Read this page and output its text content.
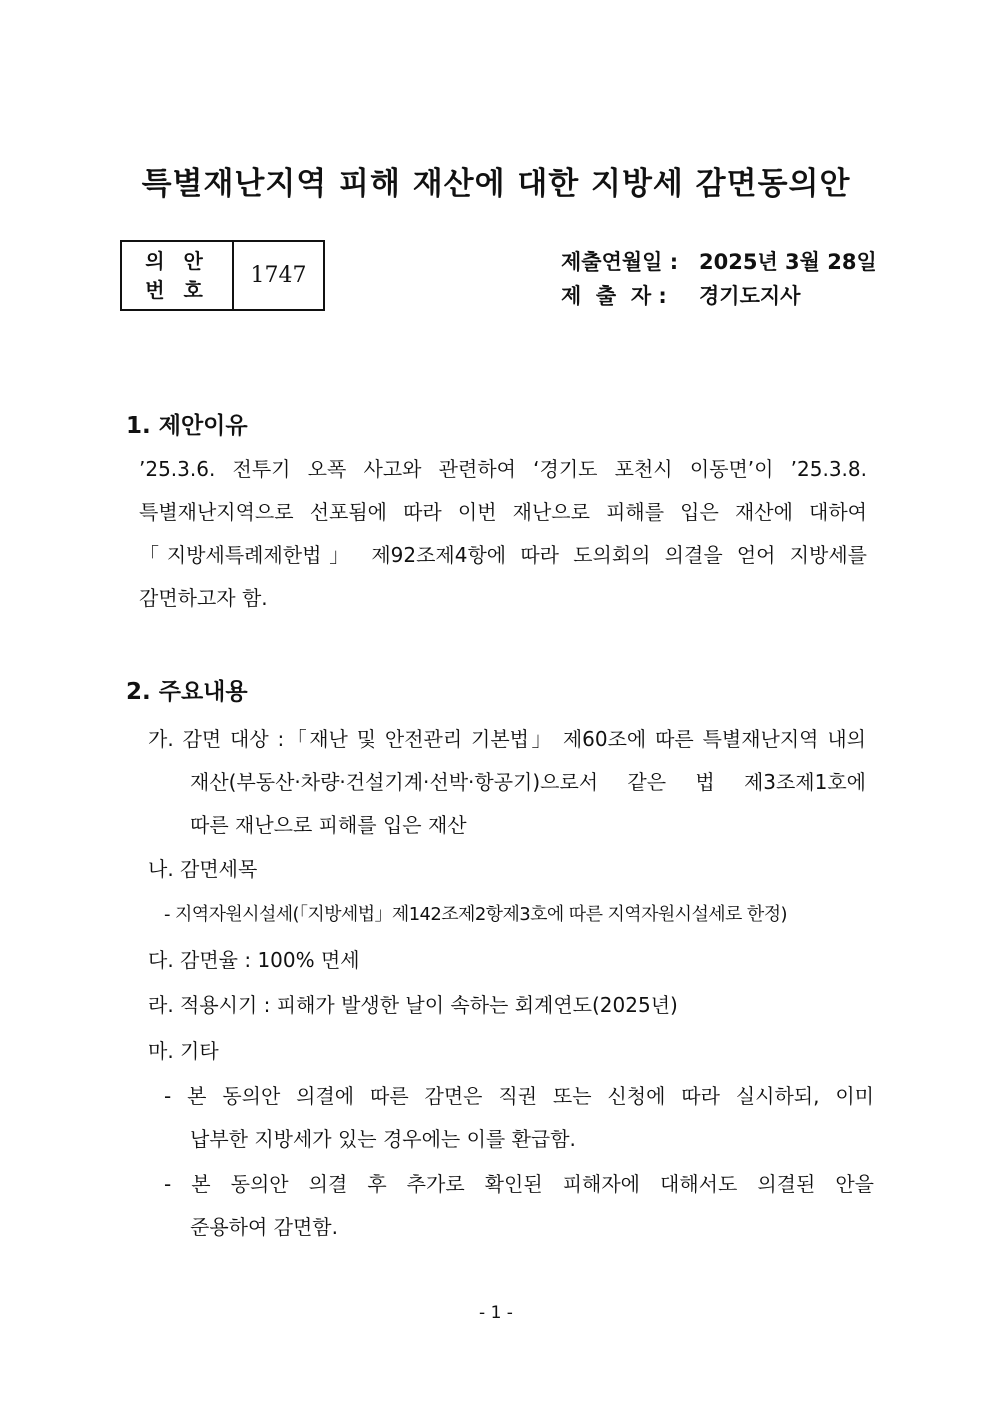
특별재난지역 피해 재산에 대한 지방세 감면동의안
의 안
번 호
1747
제출연월일 : 2025년 3월 28일
제  출  자 : 경기도지사
1. 제안이유
’25.3.6. 전투기 오폭 사고와 관련하여 ‘경기도 포천시 이동면’이 ’25.3.8.
특별재난지역으로 선포됨에 따라 이번 재난으로 피해를 입은 재산에 대하여
「지방세특례제한법」 제92조제4항에 따라 도의회의 의결을 얻어 지방세를
감면하고자 함.
2. 주요내용
가. 감면 대상 :「재난 및 안전관리 기본법」 제60조에 따른 특별재난지역 내의
재산(부동산·차량·건설기계·선박·항공기)으로서 같은 법 제3조제1호에
따른 재난으로 피해를 입은 재산
나. 감면세목
- 지역자원시설세(「지방세법」제142조제2항제3호에 따른 지역자원시설세로 한정)
다. 감면율 : 100% 면세
라. 적용시기 : 피해가 발생한 날이 속하는 회계연도(2025년)
마. 기타
- 본 동의안 의결에 따른 감면은 직권 또는 신청에 따라 실시하되, 이미
납부한 지방세가 있는 경우에는 이를 환급함.
- 본 동의안 의결 후 추가로 확인된 피해자에 대해서도 의결된 안을
준용하여 감면함.
- 1 -
